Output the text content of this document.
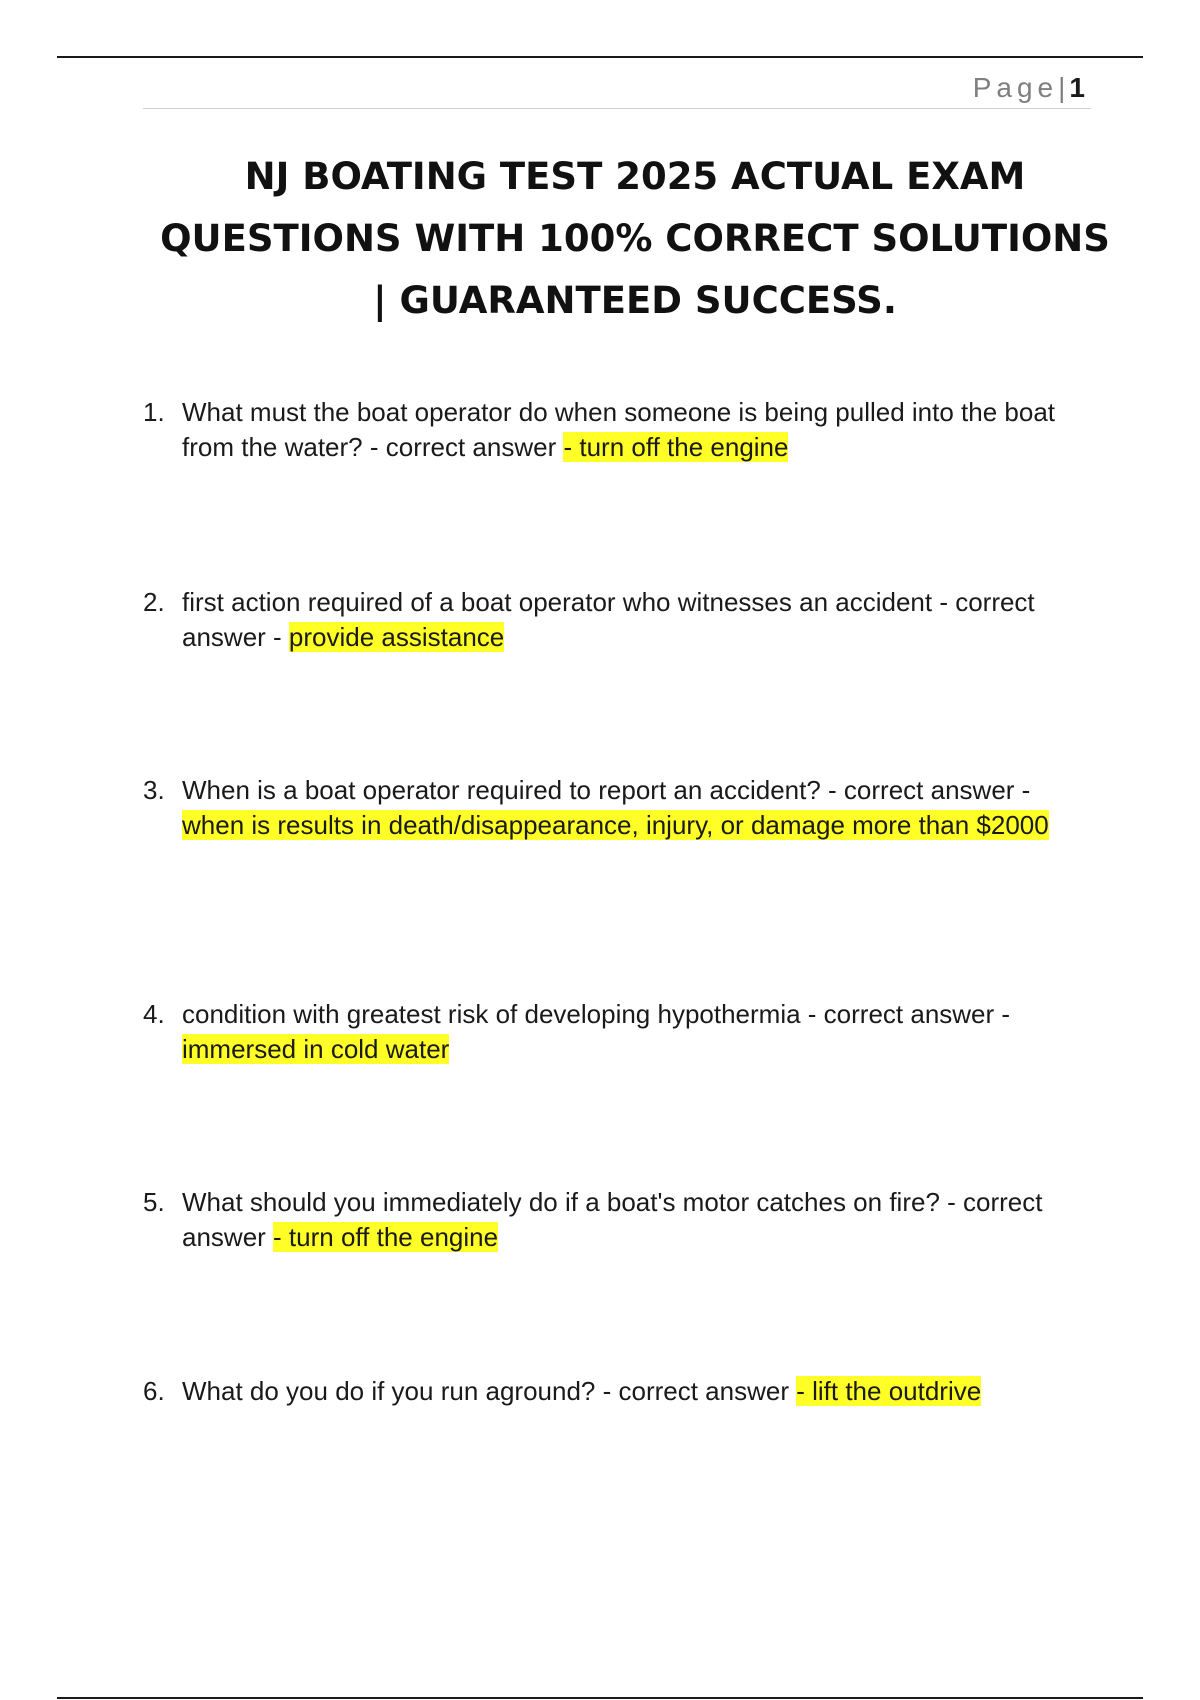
Page| 1
NJ BOATING TEST 2025 ACTUAL EXAM QUESTIONS WITH 100% CORRECT SOLUTIONS | GUARANTEED SUCCESS.
1. What must the boat operator do when someone is being pulled into the boat from the water? - correct answer - turn off the engine
2. first action required of a boat operator who witnesses an accident - correct answer - provide assistance
3. When is a boat operator required to report an accident? - correct answer - when is results in death/disappearance, injury, or damage more than $2000
4. condition with greatest risk of developing hypothermia - correct answer - immersed in cold water
5. What should you immediately do if a boat's motor catches on fire? - correct answer - turn off the engine
6. What do you do if you run aground? - correct answer - lift the outdrive
